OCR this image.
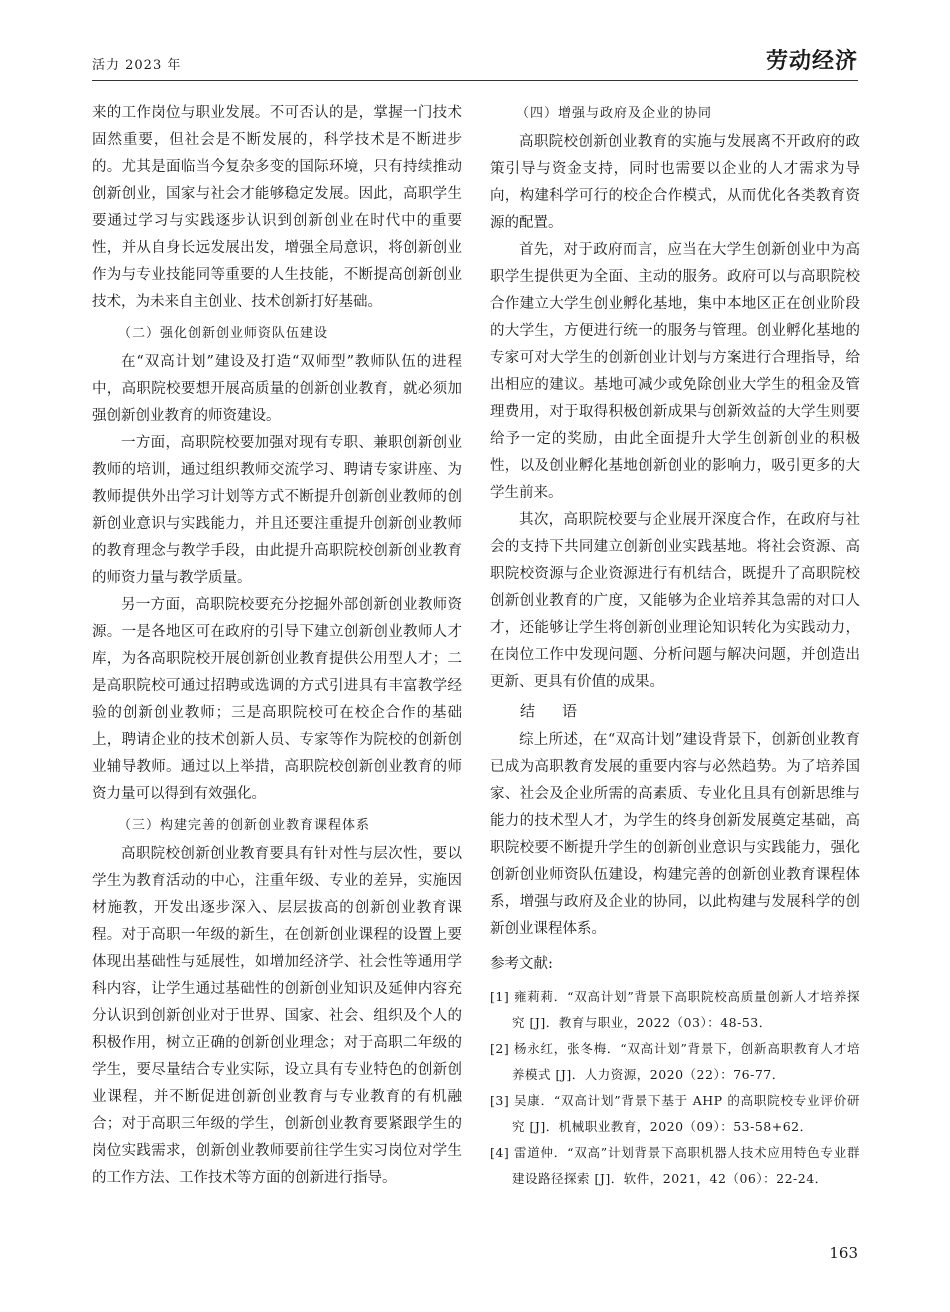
活力 2023 年	劳动经济

来的工作岗位与职业发展。不可否认的是，掌握一门技术固然重要，但社会是不断发展的，科学技术是不断进步的。尤其是面临当今复杂多变的国际环境，只有持续推动创新创业，国家与社会才能够稳定发展。因此，高职学生要通过学习与实践逐步认识到创新创业在时代中的重要性，并从自身长远发展出发，增强全局意识，将创新创业作为与专业技能同等重要的人生技能，不断提高创新创业技术，为未来自主创业、技术创新打好基础。

（二）强化创新创业师资队伍建设

在“双高计划”建设及打造“双师型”教师队伍的进程中，高职院校要想开展高质量的创新创业教育，就必须加强创新创业教育的师资建设。

一方面，高职院校要加强对现有专职、兼职创新创业教师的培训，通过组织教师交流学习、聘请专家讲座、为教师提供外出学习计划等方式不断提升创新创业教师的创新创业意识与实践能力，并且还要注重提升创新创业教师的教育理念与教学手段，由此提升高职院校创新创业教育的师资力量与教学质量。

另一方面，高职院校要充分挖掘外部创新创业教师资源。一是各地区可在政府的引导下建立创新创业教师人才库，为各高职院校开展创新创业教育提供公用型人才；二是高职院校可通过招聘或选调的方式引进具有丰富教学经验的创新创业教师；三是高职院校可在校企合作的基础上，聘请企业的技术创新人员、专家等作为院校的创新创业辅导教师。通过以上举措，高职院校创新创业教育的师资力量可以得到有效强化。

（三）构建完善的创新创业教育课程体系

高职院校创新创业教育要具有针对性与层次性，要以学生为教育活动的中心，注重年级、专业的差异，实施因材施教，开发出逐步深入、层层拔高的创新创业教育课程。对于高职一年级的新生，在创新创业课程的设置上要体现出基础性与延展性，如增加经济学、社会性等通用学科内容，让学生通过基础性的创新创业知识及延伸内容充分认识到创新创业对于世界、国家、社会、组织及个人的积极作用，树立正确的创新创业理念；对于高职二年级的学生，要尽量结合专业实际，设立具有专业特色的创新创业课程，并不断促进创新创业教育与专业教育的有机融合；对于高职三年级的学生，创新创业教育要紧跟学生的岗位实践需求，创新创业教师要前往学生实习岗位对学生的工作方法、工作技术等方面的创新进行指导。

（四）增强与政府及企业的协同

高职院校创新创业教育的实施与发展离不开政府的政策引导与资金支持，同时也需要以企业的人才需求为导向，构建科学可行的校企合作模式，从而优化各类教育资源的配置。

首先，对于政府而言，应当在大学生创新创业中为高职学生提供更为全面、主动的服务。政府可以与高职院校合作建立大学生创业孵化基地，集中本地区正在创业阶段的大学生，方便进行统一的服务与管理。创业孵化基地的专家可对大学生的创新创业计划与方案进行合理指导，给出相应的建议。基地可减少或免除创业大学生的租金及管理费用，对于取得积极创新成果与创新效益的大学生则要给予一定的奖励，由此全面提升大学生创新创业的积极性，以及创业孵化基地创新创业的影响力，吸引更多的大学生前来。

其次，高职院校要与企业展开深度合作，在政府与社会的支持下共同建立创新创业实践基地。将社会资源、高职院校资源与企业资源进行有机结合，既提升了高职院校创新创业教育的广度，又能够为企业培养其急需的对口人才，还能够让学生将创新创业理论知识转化为实践动力，在岗位工作中发现问题、分析问题与解决问题，并创造出更新、更具有价值的成果。

结　语

综上所述，在“双高计划”建设背景下，创新创业教育已成为高职教育发展的重要内容与必然趋势。为了培养国家、社会及企业所需的高素质、专业化且具有创新思维与能力的技术型人才，为学生的终身创新发展奠定基础，高职院校要不断提升学生的创新创业意识与实践能力，强化创新创业师资队伍建设，构建完善的创新创业教育课程体系，增强与政府及企业的协同，以此构建与发展科学的创新创业课程体系。

参考文献:

[1] 雍莉莉．“双高计划”背景下高职院校高质量创新人才培养探究 [J]．教育与职业，2022（03）：48-53．

[2] 杨永红，张冬梅．“双高计划”背景下，创新高职教育人才培养模式 [J]．人力资源，2020（22）：76-77．

[3] 吴康．“双高计划”背景下基于 AHP 的高职院校专业评价研究 [J]．机械职业教育，2020（09）：53-58+62．

[4] 雷道仲．“双高”计划背景下高职机器人技术应用特色专业群建设路径探索 [J]．软件，2021，42（06）：22-24．

163
